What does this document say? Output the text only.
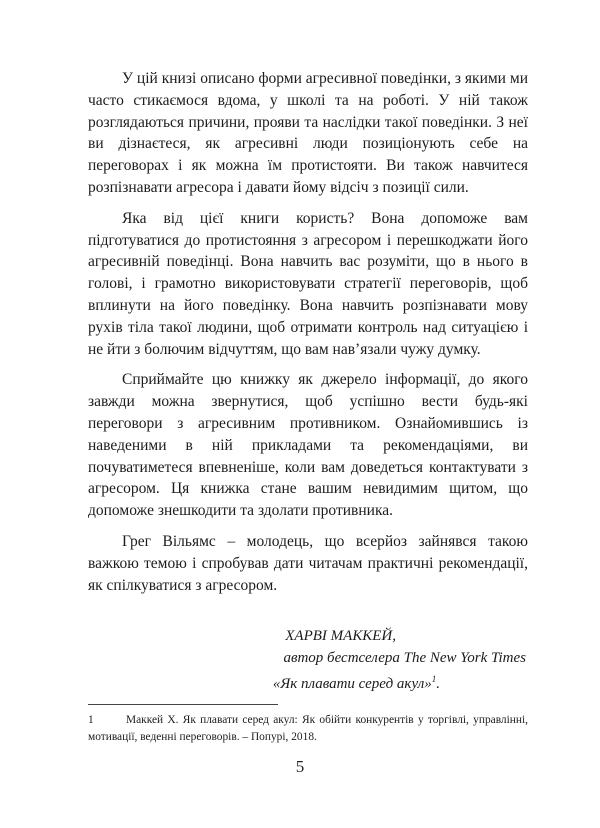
У цій книзі описано форми агресивної поведінки, з якими ми часто стикаємося вдома, у школі та на роботі. У ній також розглядаються причини, прояви та наслідки такої поведінки. З неї ви дізнаєтеся, як агресивні люди позиціонують себе на переговорах і як можна їм протистояти. Ви також навчитеся розпізнавати агресора і давати йому відсіч з позиції сили.

Яка від цієї книги користь? Вона допоможе вам підготуватися до протистояння з агресором і перешкоджати його агресивній поведінці. Вона навчить вас розуміти, що в нього в голові, і грамотно використовувати стратегії переговорів, щоб вплинути на його поведінку. Вона навчить розпізнавати мову рухів тіла такої людини, щоб отримати контроль над ситуацією і не йти з болючим відчуттям, що вам нав’язали чужу думку.

Сприймайте цю книжку як джерело інформації, до якого завжди можна звернутися, щоб успішно вести будь-які переговори з агресивним противником. Ознайомившись із наведеними в ній прикладами та рекомендаціями, ви почуватиметеся впевненіше, коли вам доведеться контактувати з агресором. Ця книжка стане вашим невидимим щитом, що допоможе знешкодити та здолати противника.

Грег Вільямс – молодець, що всерйоз зайнявся такою важкою темою і спробував дати читачам практичні рекомендації, як спілкуватися з агресором.

ХАРВІ МАККЕЙ,
автор бестселера The New York Times
«Як плавати серед акул»$^1$.
1	Маккей Х. Як плавати серед акул: Як обійти конкурентів у торгівлі, управлінні, мотивації, веденні переговорів. – Попурі, 2018.
5
